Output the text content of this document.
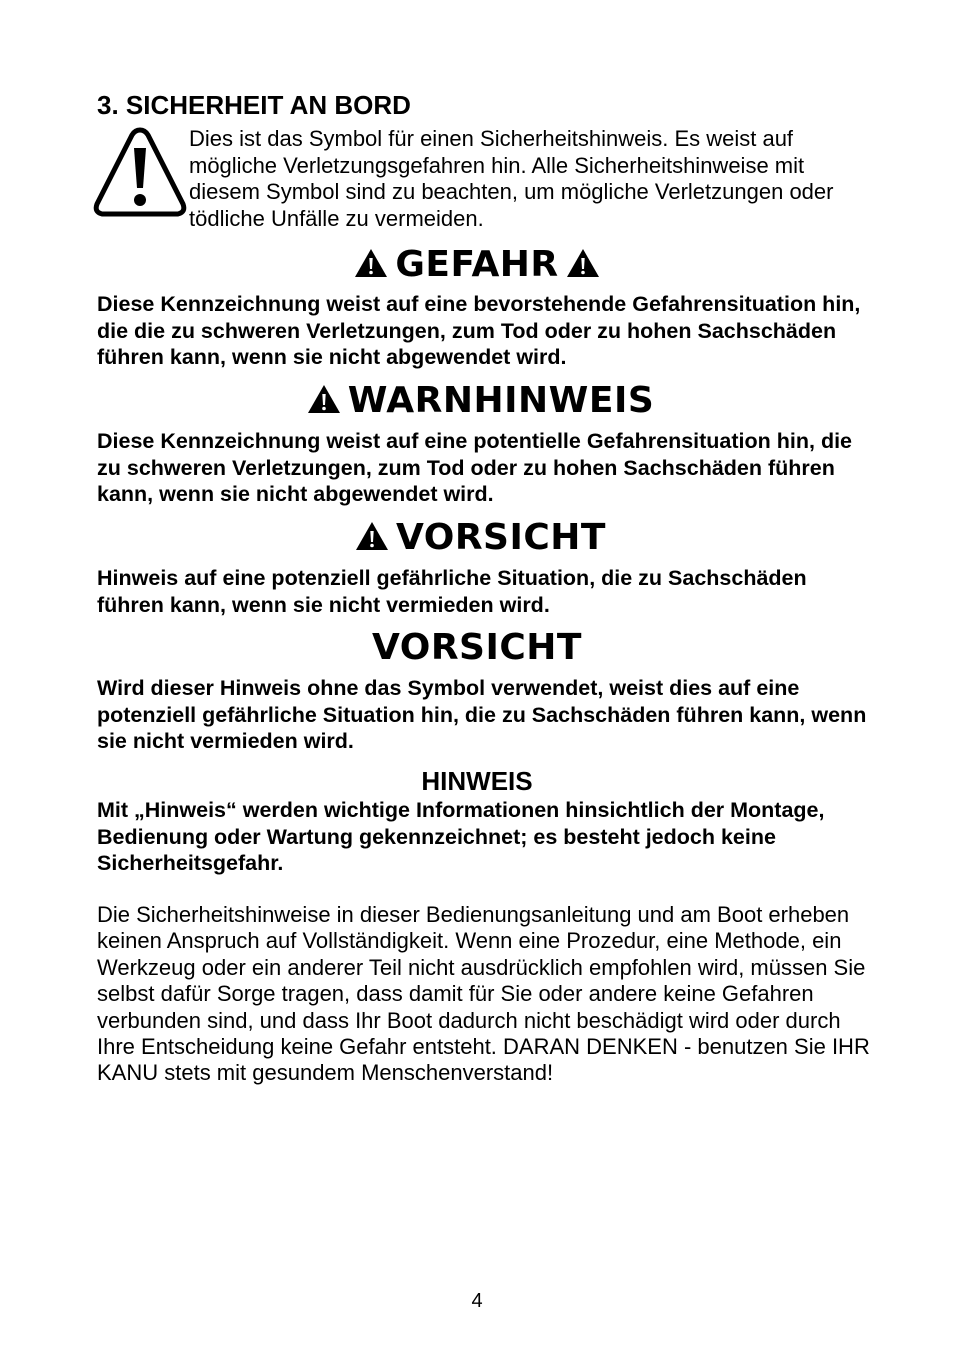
3. SICHERHEIT AN BORD

Dies ist das Symbol für einen Sicherheitshinweis. Es weist auf mögliche Verletzungsgefahren hin. Alle Sicherheitshinweise mit diesem Symbol sind zu beachten, um mögliche Verletzungen oder tödliche Unfälle zu vermeiden.

GEFAHR

Diese Kennzeichnung weist auf eine bevorstehende Gefahrensituation hin, die die zu schweren Verletzungen, zum Tod oder zu hohen Sachschäden führen kann, wenn sie nicht abgewendet wird.

WARNHINWEIS

Diese Kennzeichnung weist auf eine potentielle Gefahrensituation hin, die zu schweren Verletzungen, zum Tod oder zu hohen Sachschäden führen kann, wenn sie nicht abgewendet wird.

VORSICHT

Hinweis auf eine potenziell gefährliche Situation, die zu Sachschäden führen kann, wenn sie nicht vermieden wird.

VORSICHT

Wird dieser Hinweis ohne das Symbol verwendet, weist dies auf eine potenziell gefährliche Situation hin, die zu Sachschäden führen kann, wenn sie nicht vermieden wird.

HINWEIS

Mit „Hinweis“ werden wichtige Informationen hinsichtlich der Montage, Bedienung oder Wartung gekennzeichnet; es besteht jedoch keine Sicherheitsgefahr.

Die Sicherheitshinweise in dieser Bedienungsanleitung und am Boot erheben keinen Anspruch auf Vollständigkeit. Wenn eine Prozedur, eine Methode, ein Werkzeug oder ein anderer Teil nicht ausdrücklich empfohlen wird, müssen Sie selbst dafür Sorge tragen, dass damit für Sie oder andere keine Gefahren verbunden sind, und dass Ihr Boot dadurch nicht beschädigt wird oder durch Ihre Entscheidung keine Gefahr entsteht. DARAN DENKEN - benutzen Sie IHR KANU stets mit gesundem Menschenverstand!

4
